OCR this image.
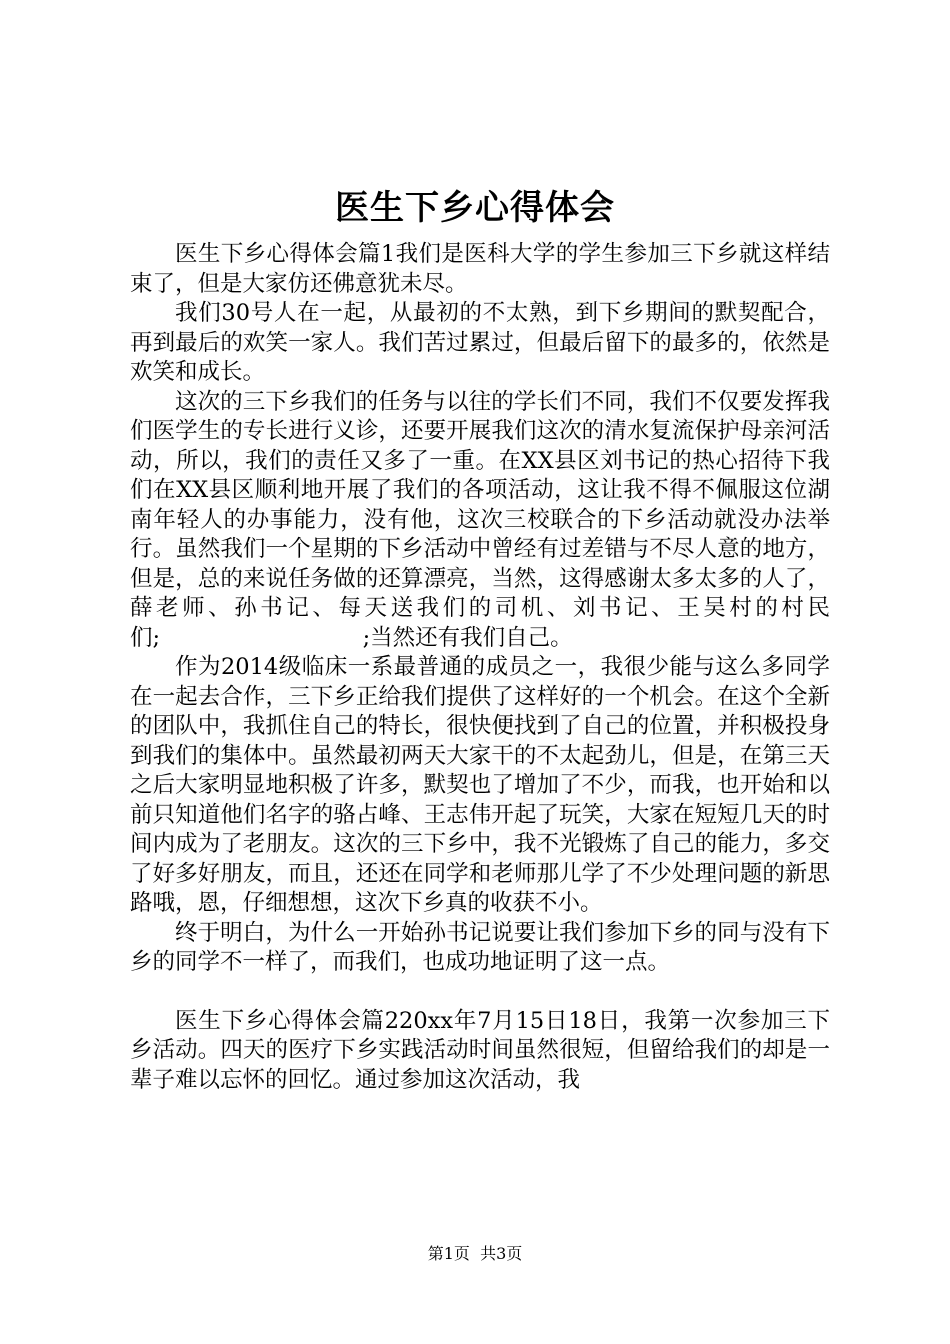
医生下乡心得体会

医生下乡心得体会篇1我们是医科大学的学生参加三下乡就这样结束了，但是大家仿还佛意犹未尽。

我们30号人在一起，从最初的不太熟，到下乡期间的默契配合，再到最后的欢笑一家人。我们苦过累过，但最后留下的最多的，依然是欢笑和成长。

这次的三下乡我们的任务与以往的学长们不同，我们不仅要发挥我们医学生的专长进行义诊，还要开展我们这次的清水复流保护母亲河活动，所以，我们的责任又多了一重。在XX县区刘书记的热心招待下我们在XX县区顺利地开展了我们的各项活动，这让我不得不佩服这位湖南年轻人的办事能力，没有他，这次三校联合的下乡活动就没办法举行。虽然我们一个星期的下乡活动中曾经有过差错与不尽人意的地方，但是，总的来说任务做的还算漂亮，当然，这得感谢太多太多的人了，薛老师、孙书记、每天送我们的司机、刘书记、王吴村的村民们;　　　　　　　　　;当然还有我们自己。

作为2014级临床一系最普通的成员之一，我很少能与这么多同学在一起去合作，三下乡正给我们提供了这样好的一个机会。在这个全新的团队中，我抓住自己的特长，很快便找到了自己的位置，并积极投身到我们的集体中。虽然最初两天大家干的不太起劲儿，但是，在第三天之后大家明显地积极了许多，默契也了增加了不少，而我，也开始和以前只知道他们名字的骆占峰、王志伟开起了玩笑，大家在短短几天的时间内成为了老朋友。这次的三下乡中，我不光锻炼了自己的能力，多交了好多好朋友，而且，还还在同学和老师那儿学了不少处理问题的新思路哦，恩，仔细想想，这次下乡真的收获不小。

终于明白，为什么一开始孙书记说要让我们参加下乡的同与没有下乡的同学不一样了，而我们，也成功地证明了这一点。

医生下乡心得体会篇220xx年7月15日18日，我第一次参加三下乡活动。四天的医疗下乡实践活动时间虽然很短，但留给我们的却是一辈子难以忘怀的回忆。通过参加这次活动，我

第1页 共3页
